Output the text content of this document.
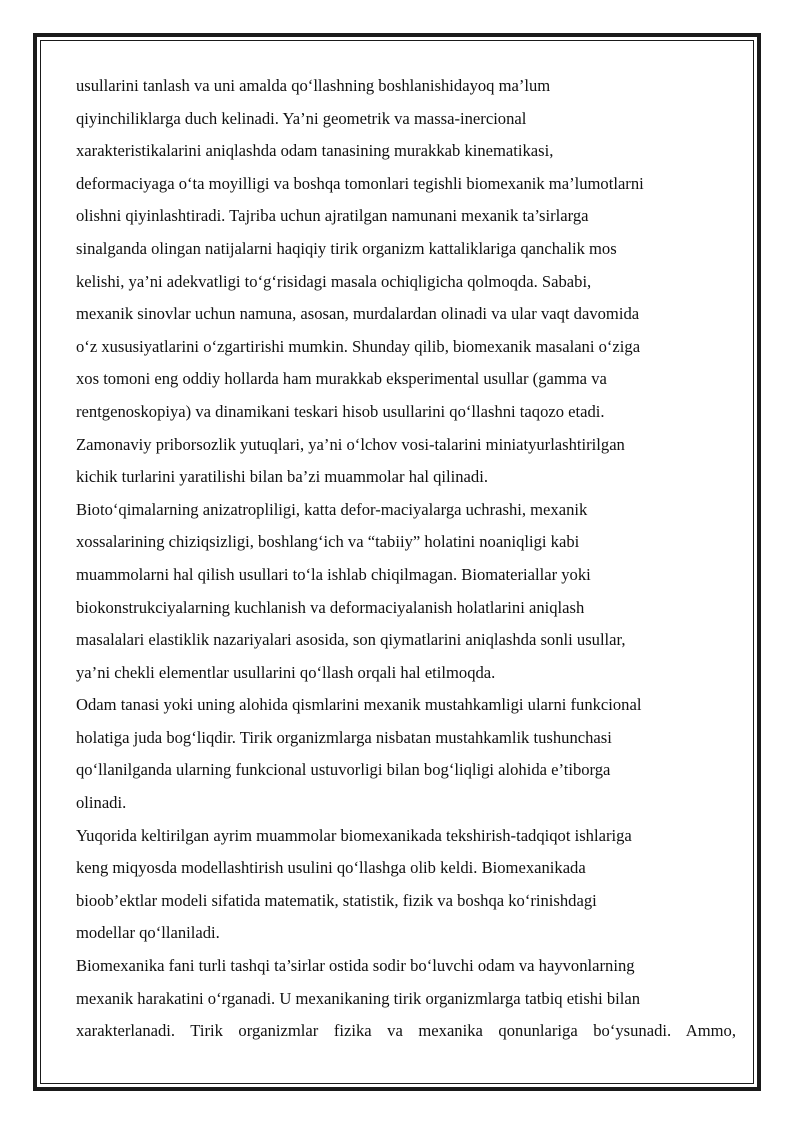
usullarini tanlash va uni amalda qo‘llashning boshlanishidayoq ma’lum
qiyinchiliklarga duch kelinadi. Ya’ni geometrik va massa-inercional
xarakteristikalarini aniqlashda odam tanasining murakkab kinematikasi,
deformaciyaga o‘ta moyilligi va boshqa tomonlari tegishli biomexanik ma’lumotlarni
olishni qiyinlashtiradi. Tajriba uchun ajratilgan namunani mexanik ta’sirlarga
sinalganda olingan natijalarni haqiqiy tirik organizm kattaliklariga qanchalik mos
kelishi, ya’ni adekvatligi to‘g‘risidagi masala ochiqligicha qolmoqda. Sababi,
mexanik sinovlar uchun namuna, asosan, murdalardan olinadi va ular vaqt davomida
o‘z xususiyatlarini o‘zgartirishi mumkin. Shunday qilib, biomexanik masalani o‘ziga
xos tomoni eng oddiy hollarda ham murakkab eksperimental usullar (gamma va
rentgenoskopiya) va dinamikani teskari hisob usullarini qo‘llashni taqozo etadi.
Zamonaviy priborsozlik yutuqlari, ya’ni o‘lchov vosi-talarini miniatyurlashtirilgan
kichik turlarini yaratilishi bilan ba’zi muammolar hal qilinadi.
Bioto‘qimalarning anizatropliligi, katta defor-maciyalarga uchrashi, mexanik
xossalarining chiziqsizligi, boshlang‘ich va “tabiiy” holatini noaniqligi kabi
muammolarni hal qilish usullari to‘la ishlab chiqilmagan. Biomateriallar yoki
biokonstrukciyalarning kuchlanish va deformaciyalanish holatlarini aniqlash
masalalari elastiklik nazariyalari asosida, son qiymatlarini aniqlashda sonli usullar,
ya’ni chekli elementlar usullarini qo‘llash orqali hal etilmoqda.
Odam tanasi yoki uning alohida qismlarini mexanik mustahkamligi ularni funkcional
holatiga juda bog‘liqdir. Tirik organizmlarga nisbatan mustahkamlik tushunchasi
qo‘llanilganda ularning funkcional ustuvorligi bilan bog‘liqligi alohida e’tiborga
olinadi.
Yuqorida keltirilgan ayrim muammolar biomexanikada tekshirish-tadqiqot ishlariga
keng miqyosda modellashtirish usulini qo‘llashga olib keldi. Biomexanikada
bioob’ektlar modeli sifatida matematik, statistik, fizik va boshqa ko‘rinishdagi
modellar qo‘llaniladi.
Biomexanika fani turli tashqi ta’sirlar ostida sodir bo‘luvchi odam va hayvonlarning
mexanik harakatini o‘rganadi. U mexanikaning tirik organizmlarga tatbiq etishi bilan
xarakterlanadi. Tirik organizmlar fizika va mexanika qonunlariga bo‘ysunadi. Ammo,
